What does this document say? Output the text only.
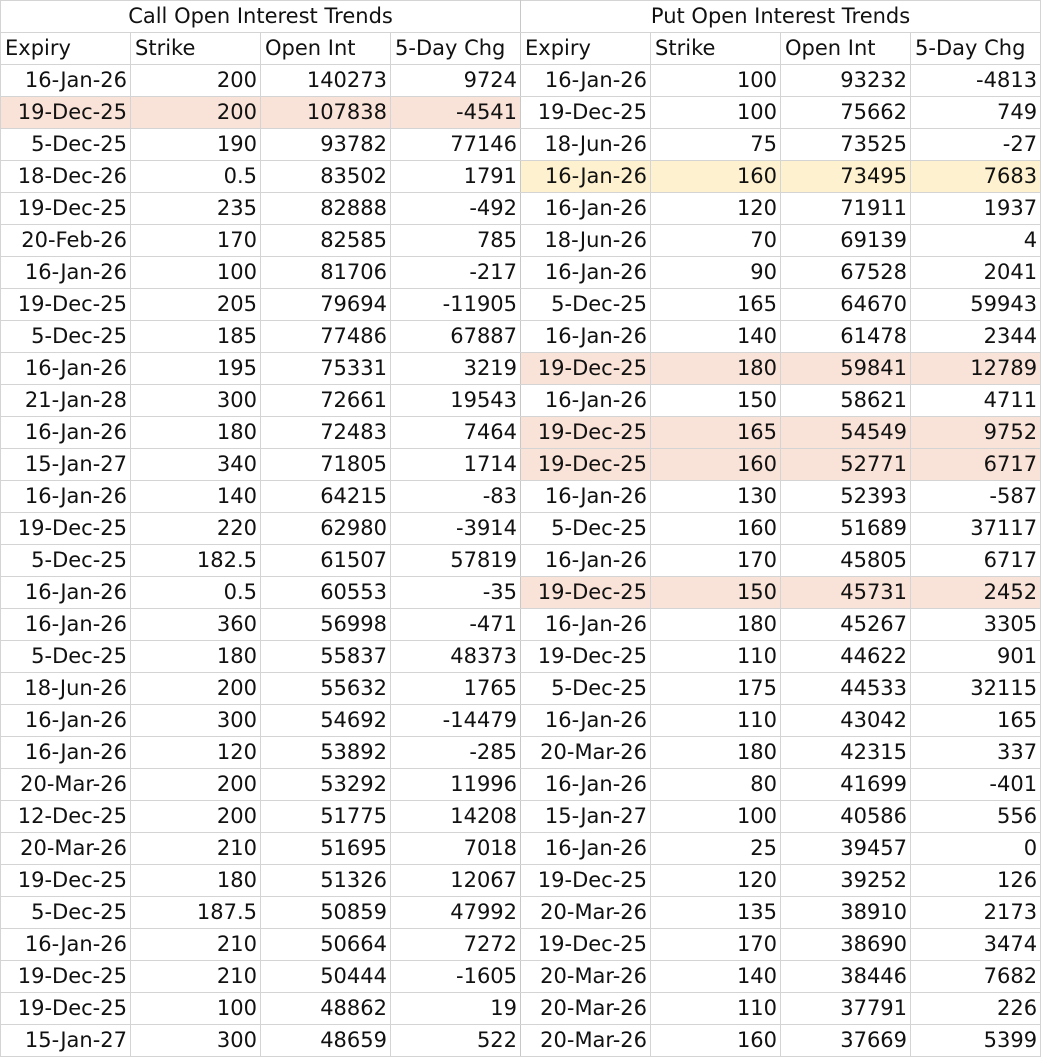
Call Open Interest Trends				Put Open Interest Trends			
Expiry	Strike	Open Int	5-Day Chg	Expiry	Strike	Open Int	5-Day Chg
16-Jan-26	200	140273	9724	16-Jan-26	100	93232	-4813
19-Dec-25	200	107838	-4541	19-Dec-25	100	75662	749
5-Dec-25	190	93782	77146	18-Jun-26	75	73525	-27
18-Dec-26	0.5	83502	1791	16-Jan-26	160	73495	7683
19-Dec-25	235	82888	-492	16-Jan-26	120	71911	1937
20-Feb-26	170	82585	785	18-Jun-26	70	69139	4
16-Jan-26	100	81706	-217	16-Jan-26	90	67528	2041
19-Dec-25	205	79694	-11905	5-Dec-25	165	64670	59943
5-Dec-25	185	77486	67887	16-Jan-26	140	61478	2344
16-Jan-26	195	75331	3219	19-Dec-25	180	59841	12789
21-Jan-28	300	72661	19543	16-Jan-26	150	58621	4711
16-Jan-26	180	72483	7464	19-Dec-25	165	54549	9752
15-Jan-27	340	71805	1714	19-Dec-25	160	52771	6717
16-Jan-26	140	64215	-83	16-Jan-26	130	52393	-587
19-Dec-25	220	62980	-3914	5-Dec-25	160	51689	37117
5-Dec-25	182.5	61507	57819	16-Jan-26	170	45805	6717
16-Jan-26	0.5	60553	-35	19-Dec-25	150	45731	2452
16-Jan-26	360	56998	-471	16-Jan-26	180	45267	3305
5-Dec-25	180	55837	48373	19-Dec-25	110	44622	901
18-Jun-26	200	55632	1765	5-Dec-25	175	44533	32115
16-Jan-26	300	54692	-14479	16-Jan-26	110	43042	165
16-Jan-26	120	53892	-285	20-Mar-26	180	42315	337
20-Mar-26	200	53292	11996	16-Jan-26	80	41699	-401
12-Dec-25	200	51775	14208	15-Jan-27	100	40586	556
20-Mar-26	210	51695	7018	16-Jan-26	25	39457	0
19-Dec-25	180	51326	12067	19-Dec-25	120	39252	126
5-Dec-25	187.5	50859	47992	20-Mar-26	135	38910	2173
16-Jan-26	210	50664	7272	19-Dec-25	170	38690	3474
19-Dec-25	210	50444	-1605	20-Mar-26	140	38446	7682
19-Dec-25	100	48862	19	20-Mar-26	110	37791	226
15-Jan-27	300	48659	522	20-Mar-26	160	37669	5399
